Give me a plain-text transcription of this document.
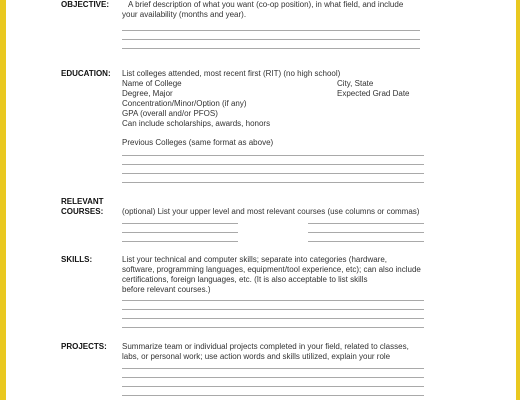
OBJECTIVE: A brief description of what you want (co-op position), in what field, and include
your availability (months and year).
EDUCATION: List colleges attended, most recent first (RIT) (no high school)
Name of College	City, State
Degree, Major	Expected Grad Date
Concentration/Minor/Option (if any)
GPA (overall and/or PFOS)
Can include scholarships, awards, honors
Previous Colleges (same format as above)
RELEVANT
COURSES: (optional) List your upper level and most relevant courses (use columns or commas)
SKILLS:	List your technical and computer skills; separate into categories (hardware,
software, programming languages, equipment/tool experience, etc); can also include
certifications, foreign languages, etc. (It is also acceptable to list skills
before relevant courses.)
PROJECTS: Summarize team or individual projects completed in your field, related to classes,
labs, or personal work; use action words and skills utilized, explain your role
